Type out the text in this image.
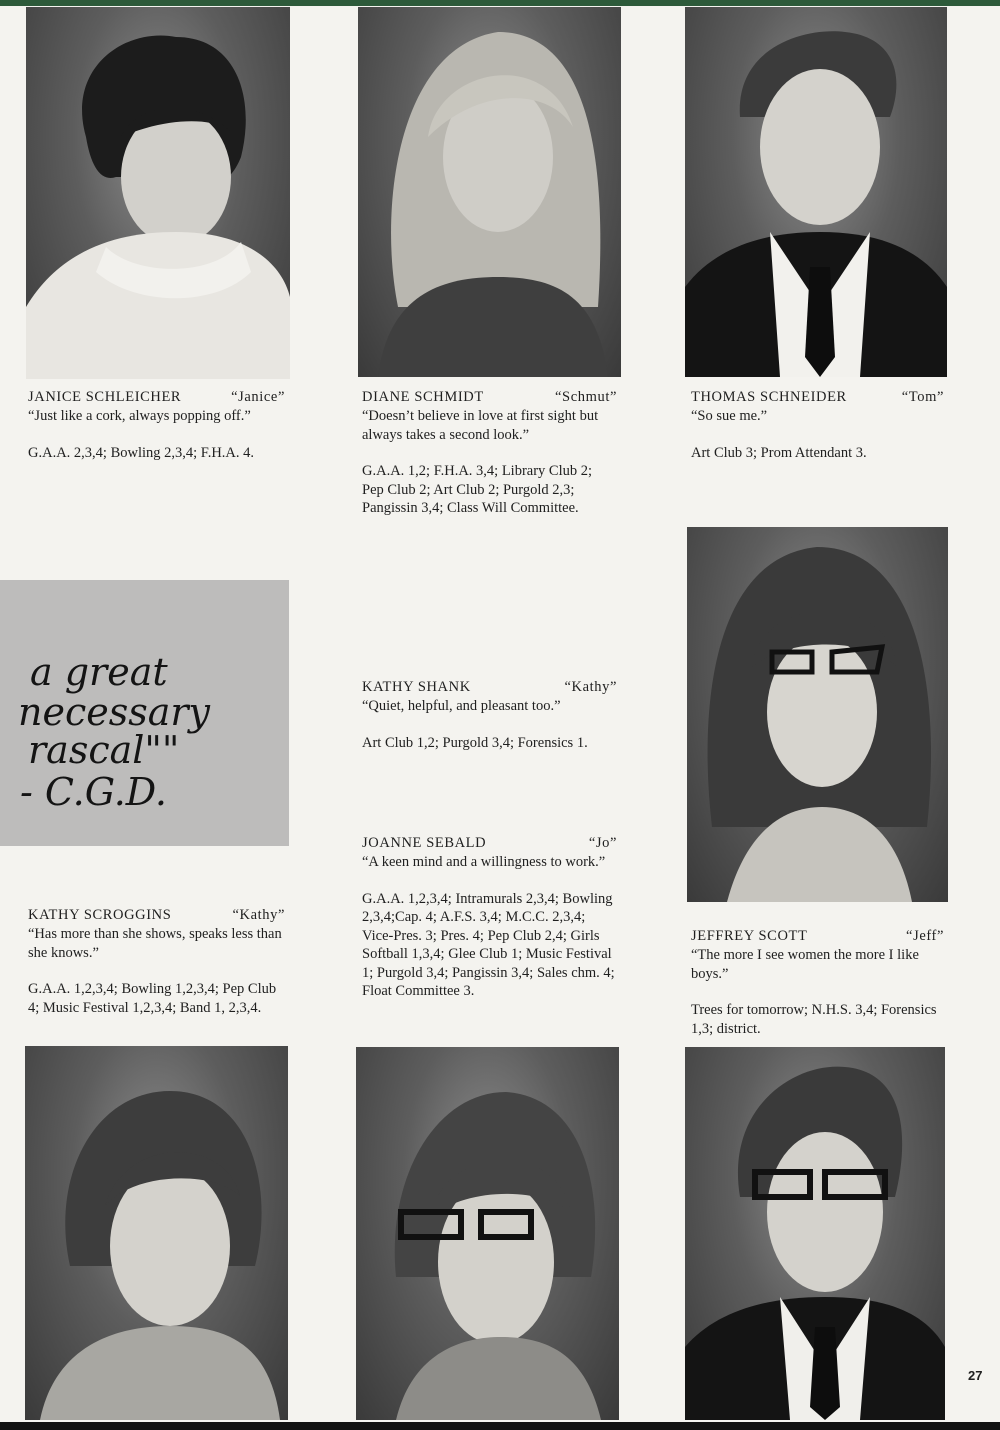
a great
necessary
rascal""
- C.G.D.
JANICE SCHLEICHER	“Janice”

“Just like a cork, always popping off.”

G.A.A. 2,3,4; Bowling 2,3,4; F.H.A. 4.

DIANE SCHMIDT	“Schmut”

“Doesn’t believe in love at first sight but always takes a second look.”

G.A.A. 1,2; F.H.A. 3,4; Library Club 2; Pep Club 2; Art Club 2; Purgold 2,3; Pangissin 3,4; Class Will Committee.

THOMAS SCHNEIDER	“Tom”

“So sue me.”

Art Club 3; Prom Attendant 3.

KATHY SHANK	“Kathy”

“Quiet, helpful, and pleasant too.”

Art Club 1,2; Purgold 3,4; Forensics 1.

JOANNE SEBALD	“Jo”

“A keen mind and a willingness to work.”

G.A.A. 1,2,3,4; Intramurals 2,3,4; Bowling 2,3,4;Cap. 4; A.F.S. 3,4; M.C.C. 2,3,4; Vice-Pres. 3; Pres. 4; Pep Club 2,4; Girls Softball 1,3,4; Glee Club 1; Music Festival 1; Purgold 3,4; Pangissin 3,4; Sales chm. 4; Float Committee 3.

KATHY SCROGGINS	“Kathy”

“Has more than she shows, speaks less than she knows.”

G.A.A. 1,2,3,4; Bowling 1,2,3,4; Pep Club 4; Music Festival 1,2,3,4; Band 1, 2,3,4.

JEFFREY SCOTT	“Jeff”

“The more I see women the more I like boys.”

Trees for tomorrow; N.H.S. 3,4; Forensics 1,3; district.

27
